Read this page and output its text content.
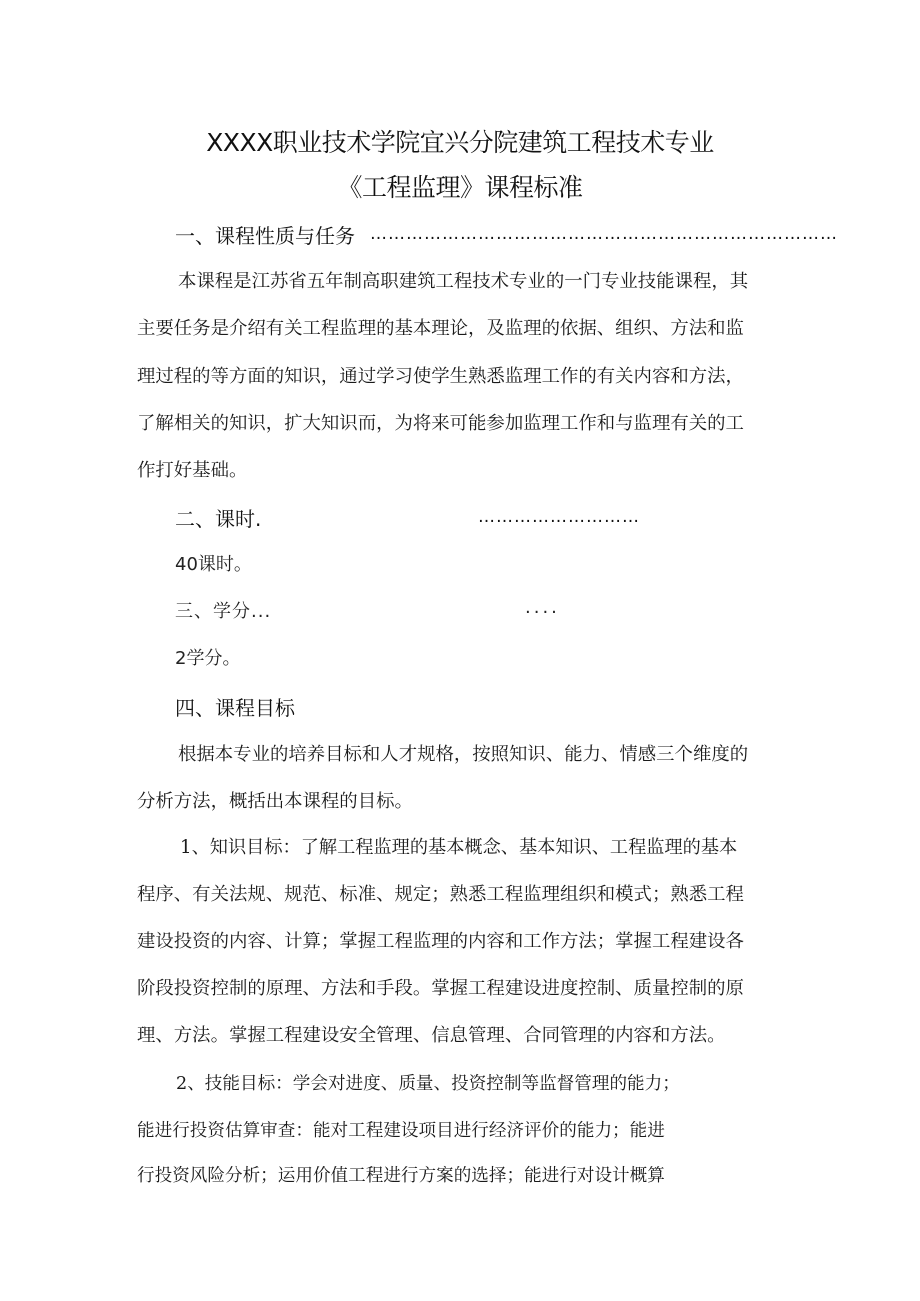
XXXX职业技术学院宜兴分院建筑工程技术专业
《工程监理》课程标准
一、课程性质与任务 ……………………………………………………………………
本课程是江苏省五年制高职建筑工程技术专业的一门专业技能课程，其
主要任务是介绍有关工程监理的基本理论，及监理的依据、组织、方法和监
理过程的等方面的知识，通过学习使学生熟悉监理工作的有关内容和方法，
了解相关的知识，扩大知识而，为将来可能参加监理工作和与监理有关的工
作打好基础。
二、课时.	………………………
40课时。
三、学分...	....
2学分。
四、课程目标
根据本专业的培养目标和人才规格，按照知识、能力、情感三个维度的
分析方法，概括出本课程的目标。
1、知识目标：了解工程监理的基本概念、基本知识、工程监理的基本
程序、有关法规、规范、标准、规定；熟悉工程监理组织和模式；熟悉工程
建设投资的内容、计算；掌握工程监理的内容和工作方法；掌握工程建设各
阶段投资控制的原理、方法和手段。掌握工程建设进度控制、质量控制的原
理、方法。掌握工程建设安全管理、信息管理、合同管理的内容和方法。
2、技能目标：学会对进度、质量、投资控制等监督管理的能力；
能进行投资估算审查：能对工程建设项目进行经济评价的能力；能进
行投资风险分析；运用价值工程进行方案的选择；能进行对设计概算
